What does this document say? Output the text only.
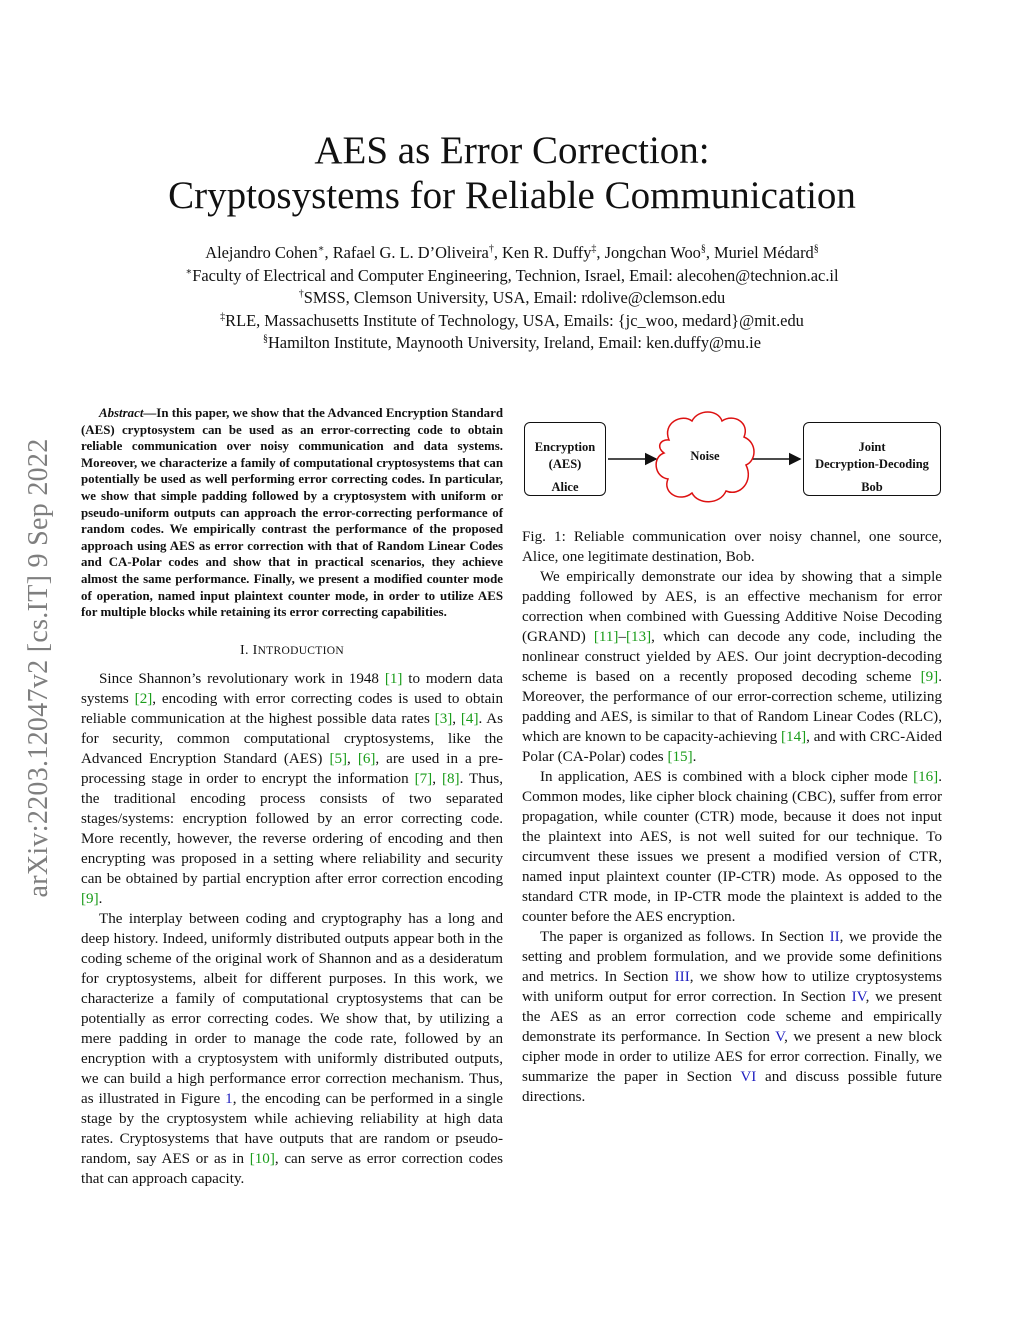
AES as Error Correction:
Cryptosystems for Reliable Communication
Alejandro Cohen∗, Rafael G. L. D’Oliveira†, Ken R. Duffy‡, Jongchan Woo§, Muriel Médard§
∗Faculty of Electrical and Computer Engineering, Technion, Israel, Email: alecohen@technion.ac.il
†SMSS, Clemson University, USA, Email: rdolive@clemson.edu
‡RLE, Massachusetts Institute of Technology, USA, Emails: {jc_woo, medard}@mit.edu
§Hamilton Institute, Maynooth University, Ireland, Email: ken.duffy@mu.ie
arXiv:2203.12047v2 [cs.IT] 9 Sep 2022

Abstract—In this paper, we show that the Advanced Encryption Standard (AES) cryptosystem can be used as an error-correcting code to obtain reliable communication over noisy communication and data systems. Moreover, we characterize a family of computational cryptosystems that can potentially be used as well performing error correcting codes. In particular, we show that simple padding followed by a cryptosystem with uniform or pseudo-uniform outputs can approach the error-correcting performance of random codes. We empirically contrast the performance of the proposed approach using AES as error correction with that of Random Linear Codes and CA-Polar codes and show that in practical scenarios, they achieve almost the same performance. Finally, we present a modified counter mode of operation, named input plaintext counter mode, in order to utilize AES for multiple blocks while retaining its error correcting capabilities.

I. INTRODUCTION

Since Shannon’s revolutionary work in 1948 [1] to modern data systems [2], encoding with error correcting codes is used to obtain reliable communication at the highest possible data rates [3], [4]. As for security, common computational cryptosystems, like the Advanced Encryption Standard (AES) [5], [6], are used in a pre-processing stage in order to encrypt the information [7], [8]. Thus, the traditional encoding process consists of two separated stages/systems: encryption followed by an error correcting code. More recently, however, the reverse ordering of encoding and then encrypting was proposed in a setting where reliability and security can be obtained by partial encryption after error correction encoding [9].

The interplay between coding and cryptography has a long and deep history. Indeed, uniformly distributed outputs appear both in the coding scheme of the original work of Shannon and as a desideratum for cryptosystems, albeit for different purposes. In this work, we characterize a family of computational cryptosystems that can be potentially as error correcting codes. We show that, by utilizing a mere padding in order to manage the code rate, followed by an encryption with a cryptosystem with uniformly distributed outputs, we can build a high performance error correction mechanism. Thus, as illustrated in Figure 1, the encoding can be performed in a single stage by the cryptosystem while achieving reliability at high data rates. Cryptosystems that have outputs that are random or pseudo-random, say AES or as in [10], can serve as error correction codes that can approach capacity.

Encryption
(AES)
Alice
Noise
Joint
Decryption-Decoding
Bob

Fig. 1: Reliable communication over noisy channel, one source, Alice, one legitimate destination, Bob.

We empirically demonstrate our idea by showing that a simple padding followed by AES, is an effective mechanism for error correction when combined with Guessing Additive Noise Decoding (GRAND) [11]–[13], which can decode any code, including the nonlinear construct yielded by AES. Our joint decryption-decoding scheme is based on a recently proposed decoding scheme [9]. Moreover, the performance of our error-correction scheme, utilizing padding and AES, is similar to that of Random Linear Codes (RLC), which are known to be capacity-achieving [14], and with CRC-Aided Polar (CA-Polar) codes [15].

In application, AES is combined with a block cipher mode [16]. Common modes, like cipher block chaining (CBC), suffer from error propagation, while counter (CTR) mode, because it does not input the plaintext into AES, is not well suited for our technique. To circumvent these issues we present a modified version of CTR, named input plaintext counter (IP-CTR) mode. As opposed to the standard CTR mode, in IP-CTR mode the plaintext is added to the counter before the AES encryption.

The paper is organized as follows. In Section II, we provide the setting and problem formulation, and we provide some definitions and metrics. In Section III, we show how to utilize cryptosystems with uniform output for error correction. In Section IV, we present the AES as an error correction code scheme and empirically demonstrate its performance. In Section V, we present a new block cipher mode in order to utilize AES for error correction. Finally, we summarize the paper in Section VI and discuss possible future directions.
